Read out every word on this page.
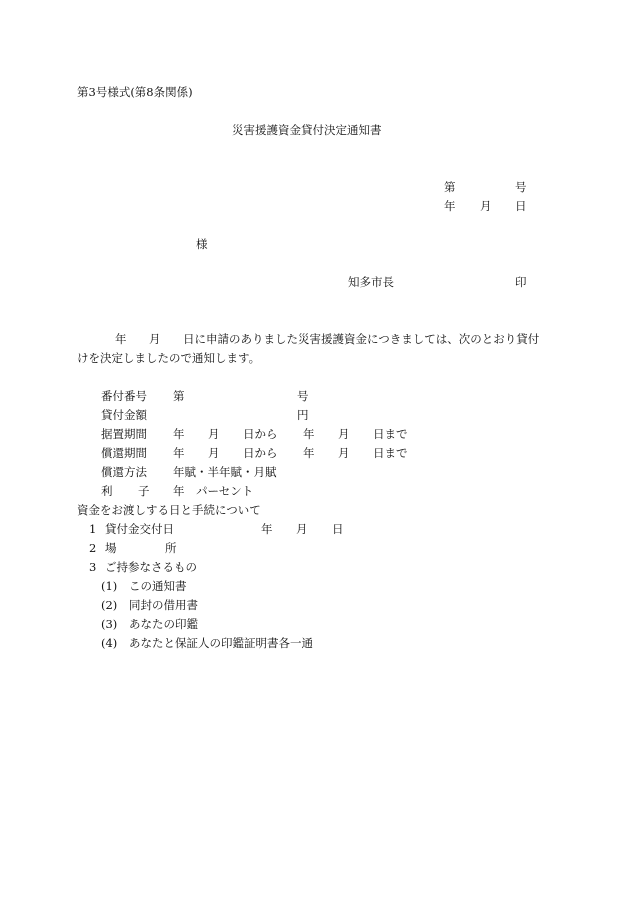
第3号様式(第8条関係)
災害援護資金貸付決定通知書
第	号
年 月 日
様
知多市長	印
年 月 日に申請のありました災害援護資金につきましては、次のとおり貸付
けを決定しましたので通知します。
番付番号 第	号
貸付金額	円
据置期間 年 月 日から 年 月 日まで
償還期間 年 月 日から 年 月 日まで
償還方法 年賦・半年賦・月賦
利 子 年 パーセント
資金をお渡しする日と手続について
1 貸付金交付日	年 月 日
2 場	所
3 ご持参なさるもの
(1) この通知書
(2) 同封の借用書
(3) あなたの印鑑
(4) あなたと保証人の印鑑証明書各一通
